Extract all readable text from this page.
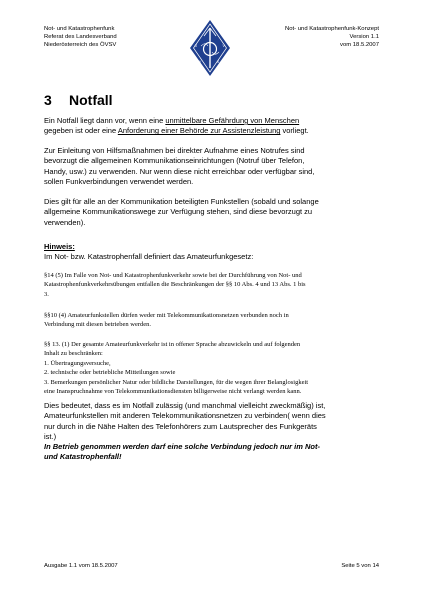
Not- und Katastrophenfunk
Referat des Landesverband
Niederösterreich des ÖVSV	Ö
V	S
V
Not- und Katastrophenfunk-Konzept
Version 1.1
vom 18.5.2007
3 Notfall
Ein Notfall liegt dann vor, wenn eine unmittelbare Gefährdung von Menschen
gegeben ist oder eine Anforderung einer Behörde zur Assistenzleistung vorliegt.
Zur Einleitung von Hilfsmaßnahmen bei direkter Aufnahme eines Notrufes sind
bevorzugt die allgemeinen Kommunikationseinrichtungen (Notruf über Telefon,
Handy, usw.) zu verwenden. Nur wenn diese nicht erreichbar oder verfügbar sind,
sollen Funkverbindungen verwendet werden.
Dies gilt für alle an der Kommunikation beteiligten Funkstellen (sobald und solange
allgemeine Kommunikationswege zur Verfügung stehen, sind diese bevorzugt zu
verwenden).
Hinweis:
Im Not- bzw. Katastrophenfall definiert das Amateurfunkgesetz:
§14 (5) Im Falle von Not- und Katastrophenfunkverkehr sowie bei der Durchführung von Not- und
Katastrophenfunkverkehrsübungen entfallen die Beschränkungen der §§ 10 Abs. 4 und 13 Abs. 1 bis
3.
§§10 (4) Amateurfunkstellen dürfen weder mit Telekommunikationsnetzen verbunden noch in
Verbindung mit diesen betrieben werden.
§§ 13. (1) Der gesamte Amateurfunkverkehr ist in offener Sprache abzuwickeln und auf folgenden
Inhalt zu beschränken:
1. Übertragungsversuche,
2. technische oder betriebliche Mitteilungen sowie
3. Bemerkungen persönlicher Natur oder bildliche Darstellungen, für die wegen ihrer Belanglosigkeit
eine Inanspruchnahme von Telekommunikationsdiensten billigerweise nicht verlangt werden kann.
Dies bedeutet, dass es im Notfall zulässig (und manchmal vielleicht zweckmäßig) ist,
Amateurfunkstellen mit anderen Telekommunikationsnetzen zu verbinden( wenn dies
nur durch in die Nähe Halten des Telefonhörers zum Lautsprecher des Funkgeräts
ist.)
In Betrieb genommen werden darf eine solche Verbindung jedoch nur im Not-
und Katastrophenfall!
Ausgabe 1.1 vom 18.5.2007	Seite 5 von 14
